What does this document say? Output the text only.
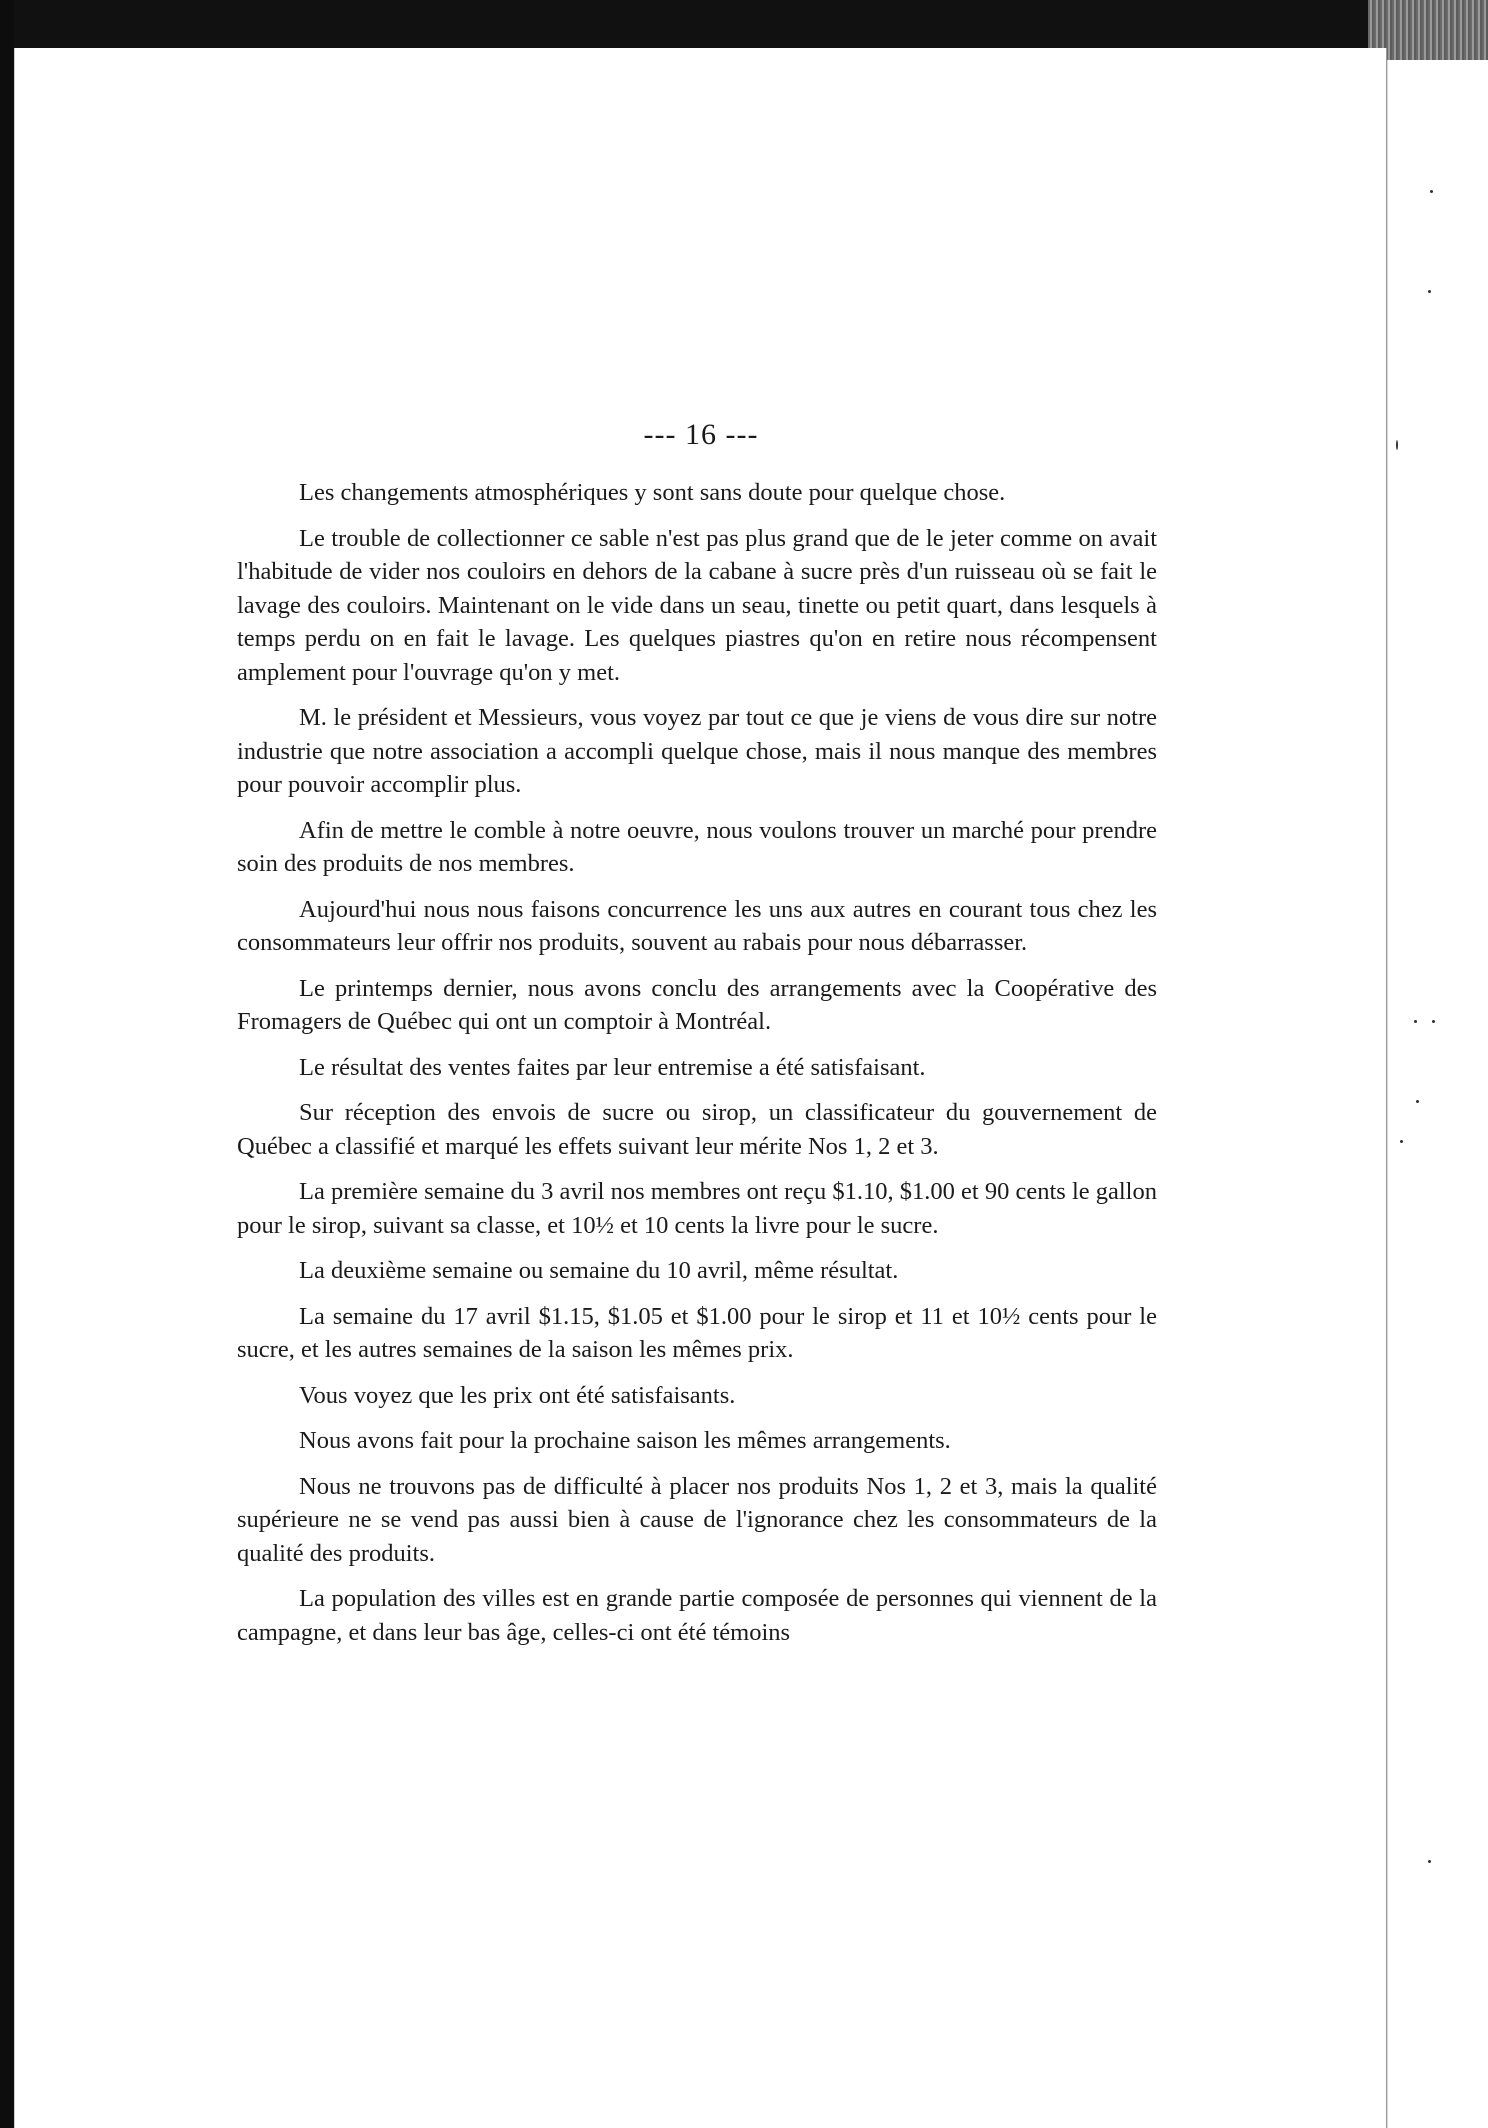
--- 16 ---

Les changements atmosphériques y sont sans doute pour quelque chose.

Le trouble de collectionner ce sable n'est pas plus grand que de le jeter comme on avait l'habitude de vider nos couloirs en dehors de la cabane à sucre près d'un ruisseau où se fait le lavage des couloirs. Maintenant on le vide dans un seau, tinette ou petit quart, dans lesquels à temps perdu on en fait le lavage. Les quelques piastres qu'on en retire nous récompensent amplement pour l'ouvrage qu'on y met.

M. le président et Messieurs, vous voyez par tout ce que je viens de vous dire sur notre industrie que notre association a accompli quelque chose, mais il nous manque des membres pour pouvoir accomplir plus.

Afin de mettre le comble à notre oeuvre, nous voulons trouver un marché pour prendre soin des produits de nos membres.

Aujourd'hui nous nous faisons concurrence les uns aux autres en courant tous chez les consommateurs leur offrir nos produits, souvent au rabais pour nous débarrasser.

Le printemps dernier, nous avons conclu des arrangements avec la Coopérative des Fromagers de Québec qui ont un comptoir à Montréal.

Le résultat des ventes faites par leur entremise a été satisfaisant.

Sur réception des envois de sucre ou sirop, un classificateur du gouvernement de Québec a classifié et marqué les effets suivant leur mérite Nos 1, 2 et 3.

La première semaine du 3 avril nos membres ont reçu $1.10, $1.00 et 90 cents le gallon pour le sirop, suivant sa classe, et 10½ et 10 cents la livre pour le sucre.

La deuxième semaine ou semaine du 10 avril, même résultat.

La semaine du 17 avril $1.15, $1.05 et $1.00 pour le sirop et 11 et 10½ cents pour le sucre, et les autres semaines de la saison les mêmes prix.

Vous voyez que les prix ont été satisfaisants.

Nous avons fait pour la prochaine saison les mêmes arrangements.

Nous ne trouvons pas de difficulté à placer nos produits Nos 1, 2 et 3, mais la qualité supérieure ne se vend pas aussi bien à cause de l'ignorance chez les consommateurs de la qualité des produits.

La population des villes est en grande partie composée de personnes qui viennent de la campagne, et dans leur bas âge, celles-ci ont été témoins
